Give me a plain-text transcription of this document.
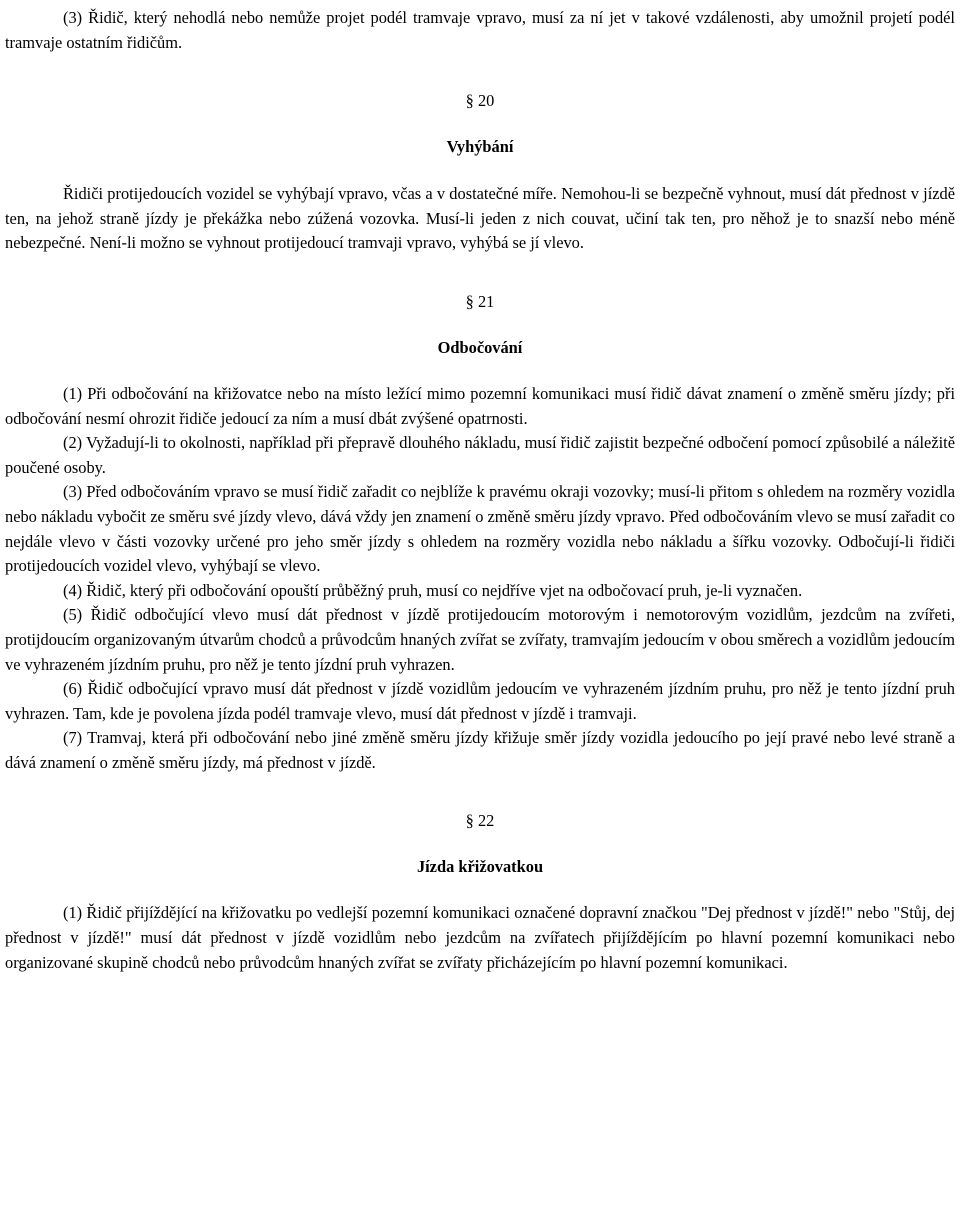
(3) Řidič, který nehodlá nebo nemůže projet podél tramvaje vpravo, musí za ní jet v takové vzdálenosti, aby umožnil projetí podél tramvaje ostatním řidičům.

§ 20
Vyhýbání

Řidiči protijedoucích vozidel se vyhýbají vpravo, včas a v dostatečné míře. Nemohou-li se bezpečně vyhnout, musí dát přednost v jízdě ten, na jehož straně jízdy je překážka nebo zúžená vozovka. Musí-li jeden z nich couvat, učiní tak ten, pro něhož je to snazší nebo méně nebezpečné. Není-li možno se vyhnout protijedoucí tramvaji vpravo, vyhýbá se jí vlevo.

§ 21
Odbočování

(1) Při odbočování na křižovatce nebo na místo ležící mimo pozemní komunikaci musí řidič dávat znamení o změně směru jízdy; při odbočování nesmí ohrozit řidiče jedoucí za ním a musí dbát zvýšené opatrnosti.

(2) Vyžadují-li to okolnosti, například při přepravě dlouhého nákladu, musí řidič zajistit bezpečné odbočení pomocí způsobilé a náležitě poučené osoby.

(3) Před odbočováním vpravo se musí řidič zařadit co nejblíže k pravému okraji vozovky; musí-li přitom s ohledem na rozměry vozidla nebo nákladu vybočit ze směru své jízdy vlevo, dává vždy jen znamení o změně směru jízdy vpravo. Před odbočováním vlevo se musí zařadit co nejdále vlevo v části vozovky určené pro jeho směr jízdy s ohledem na rozměry vozidla nebo nákladu a šířku vozovky. Odbočují-li řidiči protijedoucích vozidel vlevo, vyhýbají se vlevo.

(4) Řidič, který při odbočování opouští průběžný pruh, musí co nejdříve vjet na odbočovací pruh, je-li vyznačen.

(5) Řidič odbočující vlevo musí dát přednost v jízdě protijedoucím motorovým i nemotorovým vozidlům, jezdcům na zvířeti, protijdoucím organizovaným útvarům chodců a průvodcům hnaných zvířat se zvířaty, tramvajím jedoucím v obou směrech a vozidlům jedoucím ve vyhrazeném jízdním pruhu, pro něž je tento jízdní pruh vyhrazen.

(6) Řidič odbočující vpravo musí dát přednost v jízdě vozidlům jedoucím ve vyhrazeném jízdním pruhu, pro něž je tento jízdní pruh vyhrazen. Tam, kde je povolena jízda podél tramvaje vlevo, musí dát přednost v jízdě i tramvaji.

(7) Tramvaj, která při odbočování nebo jiné změně směru jízdy křižuje směr jízdy vozidla jedoucího po její pravé nebo levé straně a dává znamení o změně směru jízdy, má přednost v jízdě.

§ 22
Jízda křižovatkou

(1) Řidič přijíždějící na křižovatku po vedlejší pozemní komunikaci označené dopravní značkou "Dej přednost v jízdě!" nebo "Stůj, dej přednost v jízdě!" musí dát přednost v jízdě vozidlům nebo jezdcům na zvířatech přijíždějícím po hlavní pozemní komunikaci nebo organizované skupině chodců nebo průvodcům hnaných zvířat se zvířaty přicházejícím po hlavní pozemní komunikaci.
